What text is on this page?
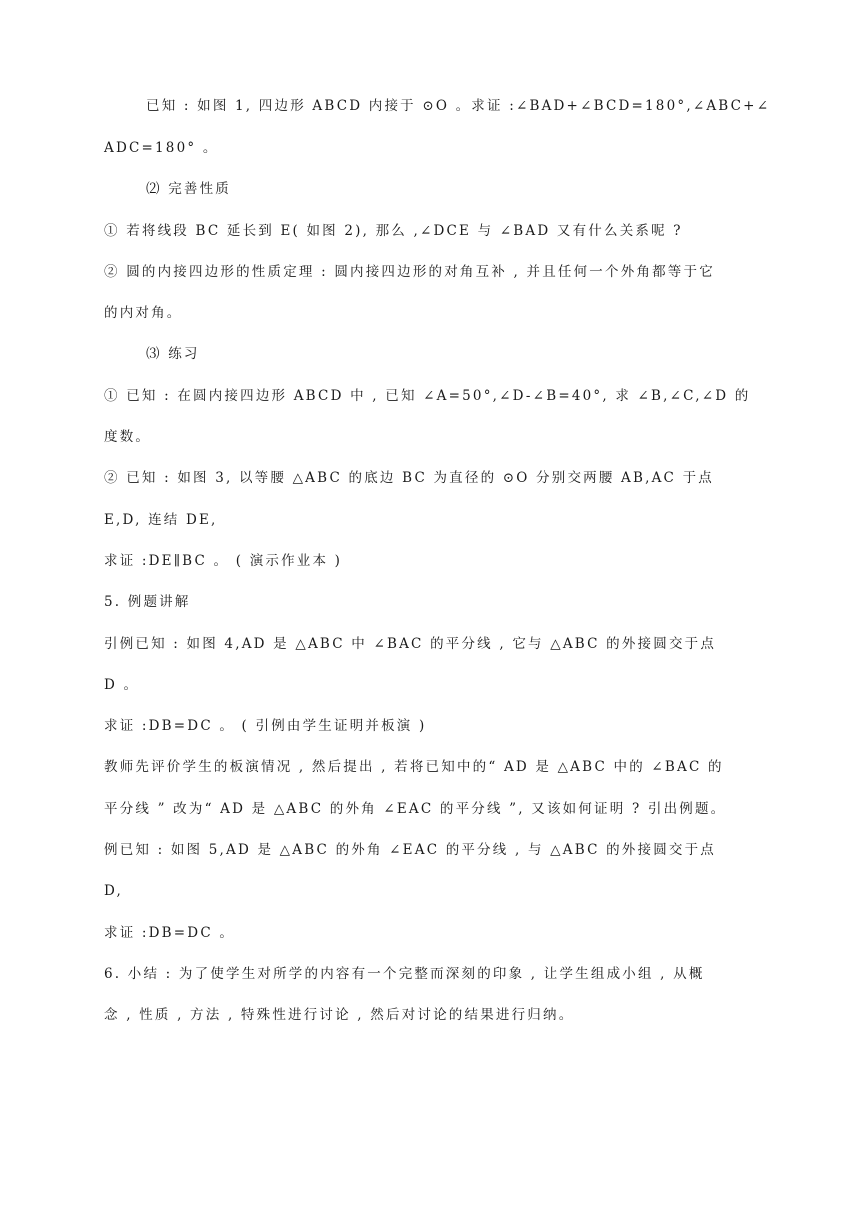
已知 : 如图 1, 四边形 ABCD 内接于 ⊙O 。求证 :∠BAD+∠BCD=180°,∠ABC+∠

ADC=180° 。

⑵ 完善性质

① 若将线段 BC 延长到 E( 如图 2), 那么 ,∠DCE 与 ∠BAD 又有什么关系呢 ?

② 圆的内接四边形的性质定理 : 圆内接四边形的对角互补 , 并且任何一个外角都等于它

的内对角。

⑶ 练习

① 已知 : 在圆内接四边形 ABCD 中 , 已知 ∠A=50°,∠D-∠B=40°, 求 ∠B,∠C,∠D 的

度数。

② 已知 : 如图 3, 以等腰 △ABC 的底边 BC 为直径的 ⊙O 分别交两腰 AB,AC 于点

E,D, 连结 DE,

求证 :DE∥BC 。 ( 演示作业本 )

5. 例题讲解

引例已知 : 如图 4,AD 是 △ABC 中 ∠BAC 的平分线 , 它与 △ABC 的外接圆交于点

D 。

求证 :DB=DC 。 ( 引例由学生证明并板演 )

教师先评价学生的板演情况 , 然后提出 , 若将已知中的“ AD 是 △ABC 中的 ∠BAC 的

平分线 ” 改为“ AD 是 △ABC 的外角 ∠EAC 的平分线 ”, 又该如何证明 ? 引出例题。

例已知 : 如图 5,AD 是 △ABC 的外角 ∠EAC 的平分线 , 与 △ABC 的外接圆交于点

D,

求证 :DB=DC 。

6. 小结 : 为了使学生对所学的内容有一个完整而深刻的印象 , 让学生组成小组 , 从概

念 , 性质 , 方法 , 特殊性进行讨论 , 然后对讨论的结果进行归纳。
